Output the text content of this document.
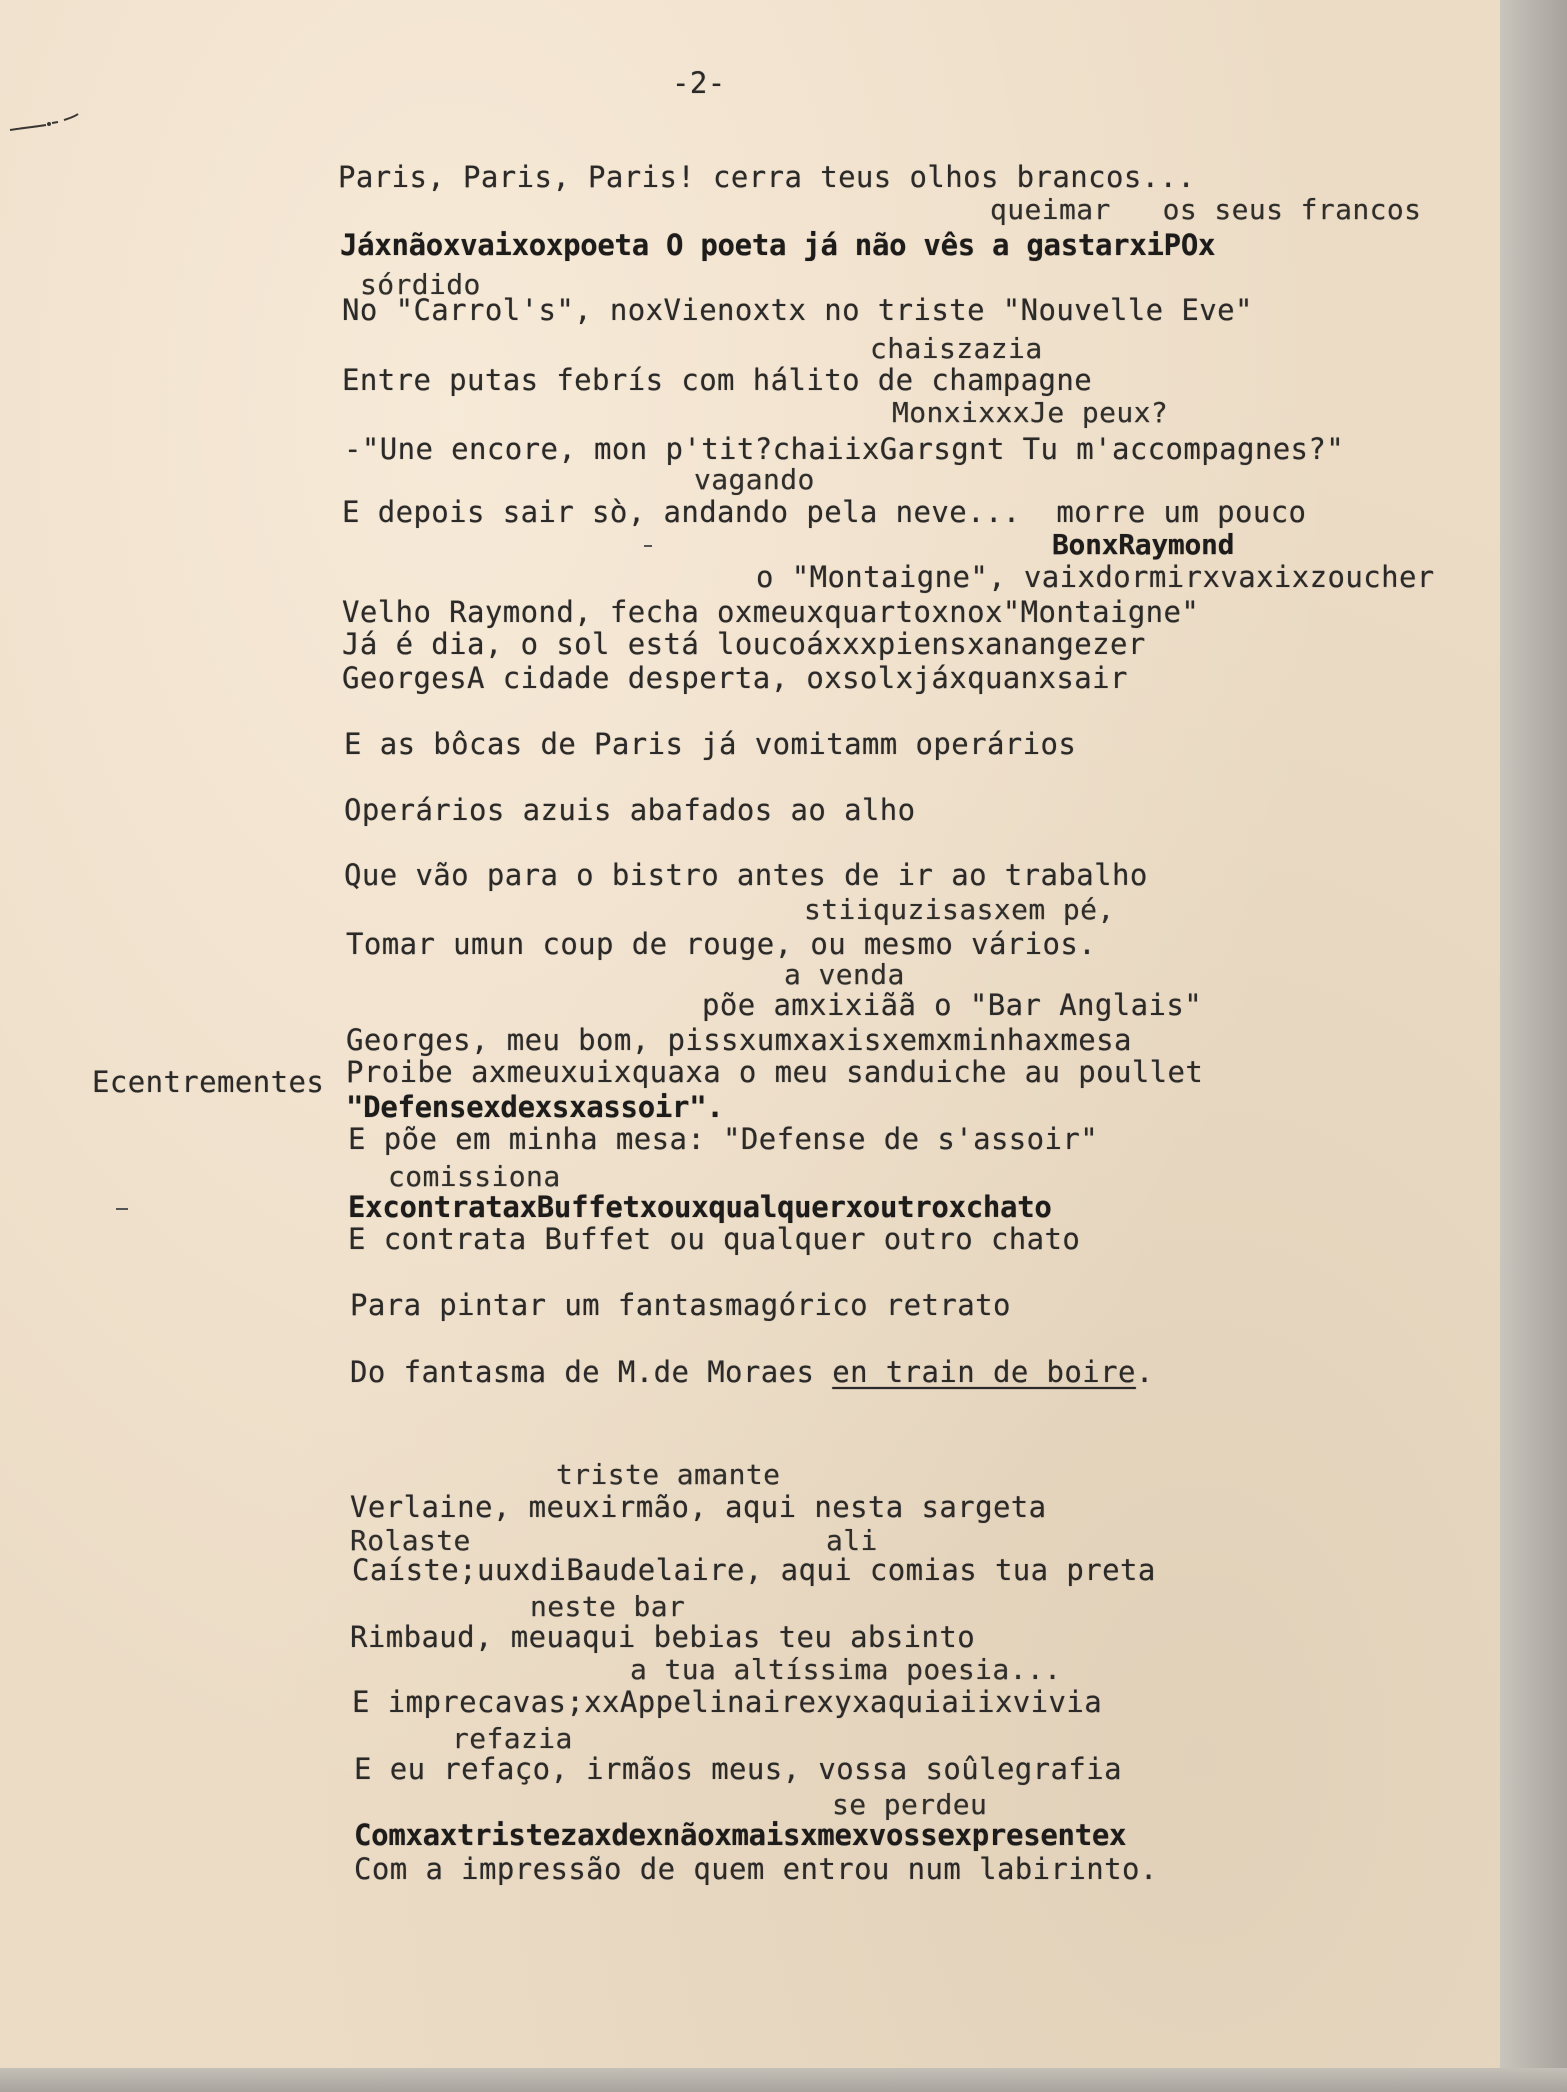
-2-
Paris, Paris, Paris! cerra teus olhos brancos...
queimar   os seus francos
Jáxnãoxvaixoxpoeta O poeta já não vês a gastarxiPOx
sórdido
No "Carrol's", noxVienoxtx no triste "Nouvelle Eve"
chaiszazia
Entre putas febrís com hálito de champagne
MonxixxxJe peux?
-"Une encore, mon p'tit?chaiixGarsgnt Tu m'accompagnes?"
vagando
E depois sair sò, andando pela neve...  morre um pouco
BonxRaymond
o "Montaigne", vaixdormirxvaxixzoucher
Velho Raymond, fecha oxmeuxquartoxnox"Montaigne"
Já é dia, o sol está loucoáxxxpiensxanangezer
GeorgesA cidade desperta, oxsolxjáxquanxsair
E as bôcas de Paris já vomitamm operários
Operários azuis abafados ao alho
Que vão para o bistro antes de ir ao trabalho
stiiquzisasxem pé,
Tomar umun coup de rouge, ou mesmo vários.
a venda
põe amxixiãã o "Bar Anglais"
Georges, meu bom, pissxumxaxisxemxminhaxmesa
Ecentrementes Proibe axmeuxuixquaxa o meu sanduiche au poullet
"Defensexdexsxassoir".
E põe em minha mesa: "Defense de s'assoir"
comissiona
ExcontrataxBuffetxouxqualquerxoutroxchato
E contrata Buffet ou qualquer outro chato
Para pintar um fantasmagórico retrato
Do fantasma de M.de Moraes en train de boire.
triste amante
Verlaine, meuxirmão, aqui nesta sargeta
Rolaste	ali
Caíste;uuxdiBaudelaire, aqui comias tua preta
neste bar
Rimbaud, meuaqui bebias teu absinto
a tua altíssima poesia...
E imprecavas;xxAppelinairexyxaquiaiixvivia
refazia
E eu refaço, irmãos meus, vossa soûlegrafia
se perdeu
Comxaxtristezaxdexnãoxmaisxmexvossexpresentex
Com a impressão de quem entrou num labirinto.
